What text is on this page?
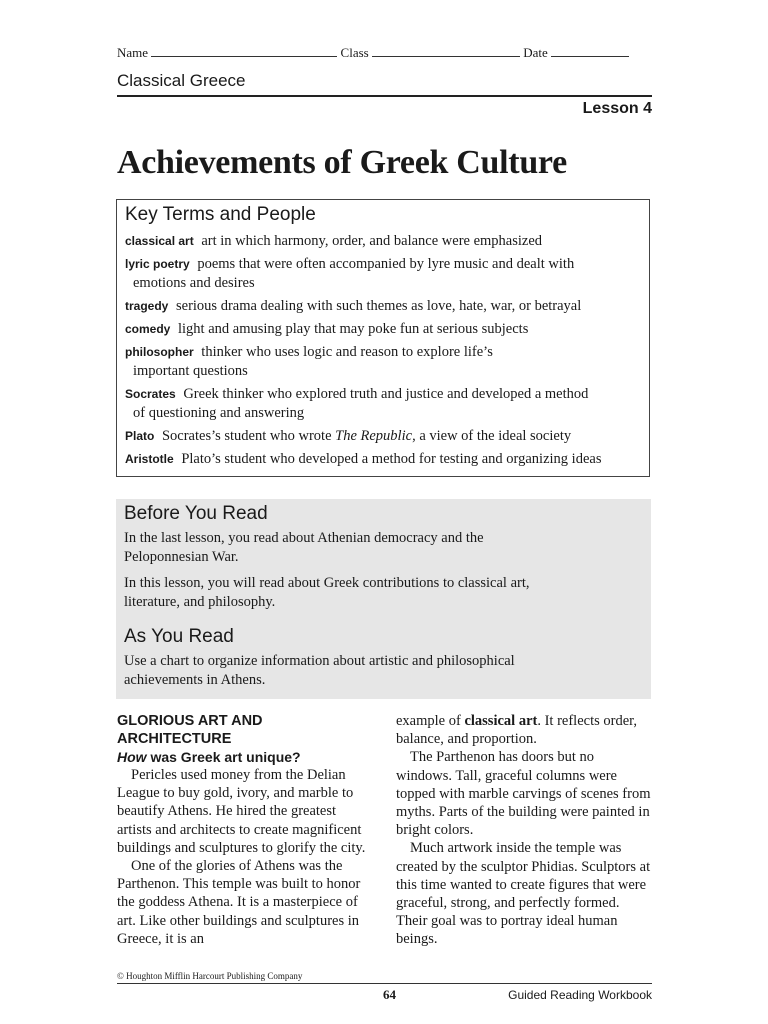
Name	Class	Date
Classical Greece
Lesson 4
Achievements of Greek Culture
Key Terms and People
classical art art in which harmony, order, and balance were emphasized
lyric poetry poems that were often accompanied by lyre music and dealt with
emotions and desires
tragedy serious drama dealing with such themes as love, hate, war, or betrayal
comedy light and amusing play that may poke fun at serious subjects
philosopher thinker who uses logic and reason to explore life’s
important questions
Socrates Greek thinker who explored truth and justice and developed a method
of questioning and answering
Plato Socrates’s student who wrote The Republic, a view of the ideal society
Aristotle Plato’s student who developed a method for testing and organizing ideas
Before You Read

In the last lesson, you read about Athenian democracy and the Peloponnesian War.

In this lesson, you will read about Greek contributions to classical art, literature, and philosophy.

As You Read

Use a chart to organize information about artistic and philosophical achievements in Athens.

GLORIOUS ART AND
ARCHITECTURE
How was Greek art unique?
Pericles used money from the Delian League to buy gold, ivory, and marble to beautify Athens. He hired the greatest artists and architects to create magnificent buildings and sculptures to glorify the city.
One of the glories of Athens was the Parthenon. This temple was built to honor the goddess Athena. It is a masterpiece of art. Like other buildings and sculptures in Greece, it is an
example of classical art. It reflects order, balance, and proportion.
The Parthenon has doors but no windows. Tall, graceful columns were topped with marble carvings of scenes from myths. Parts of the building were painted in bright colors.
Much artwork inside the temple was created by the sculptor Phidias. Sculptors at this time wanted to create figures that were graceful, strong, and perfectly formed. Their goal was to portray ideal human beings.
© Houghton Mifflin Harcourt Publishing Company
64	Guided Reading Workbook
